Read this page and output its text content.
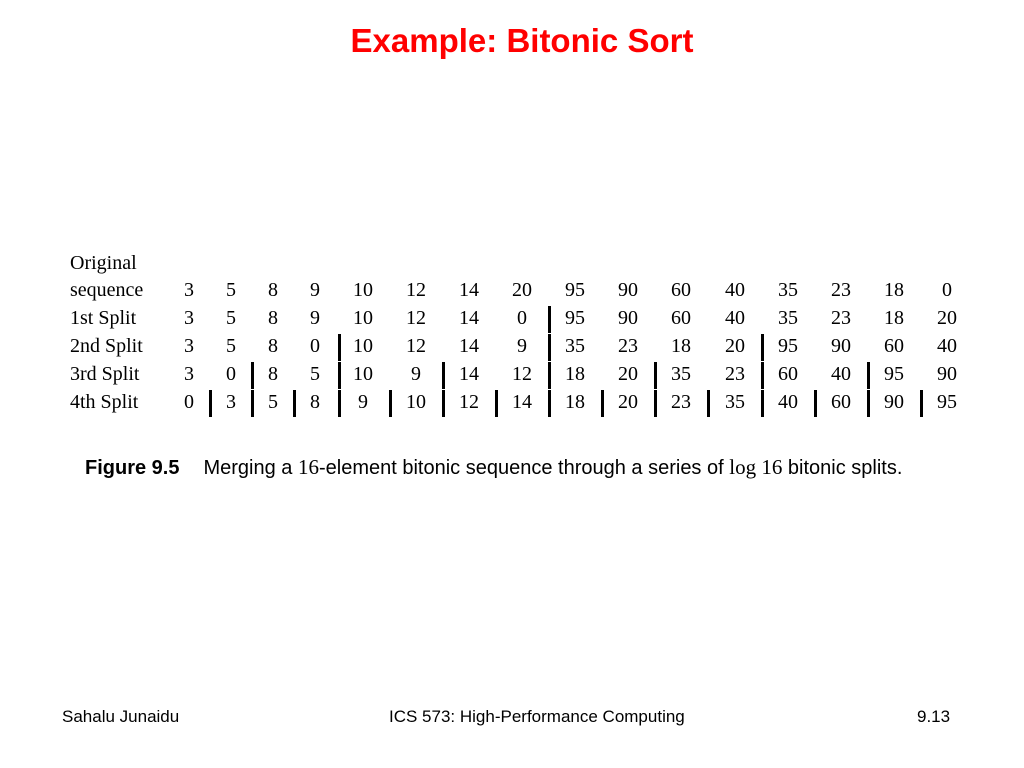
Example: Bitonic Sort
Original
sequence	3	5	8	9	10	12	14	20	95	90	60	40	35	23	18	0
1st Split	3	5	8	9	10	12	14	0	95	90	60	40	35	23	18	20
2nd Split	3	5	8	0	10	12	14	9	35	23	18	20	95	90	60	40
3rd Split	3	0	8	5	10	9	14	12	18	20	35	23	60	40	95	90
4th Split	0	3	5	8	9	10	12	14	18	20	23	35	40	60	90	95
Figure 9.5 Merging a 16-element bitonic sequence through a series of log 16 bitonic splits.
Sahalu Junaidu	ICS 573: High-Performance Computing	9.13
